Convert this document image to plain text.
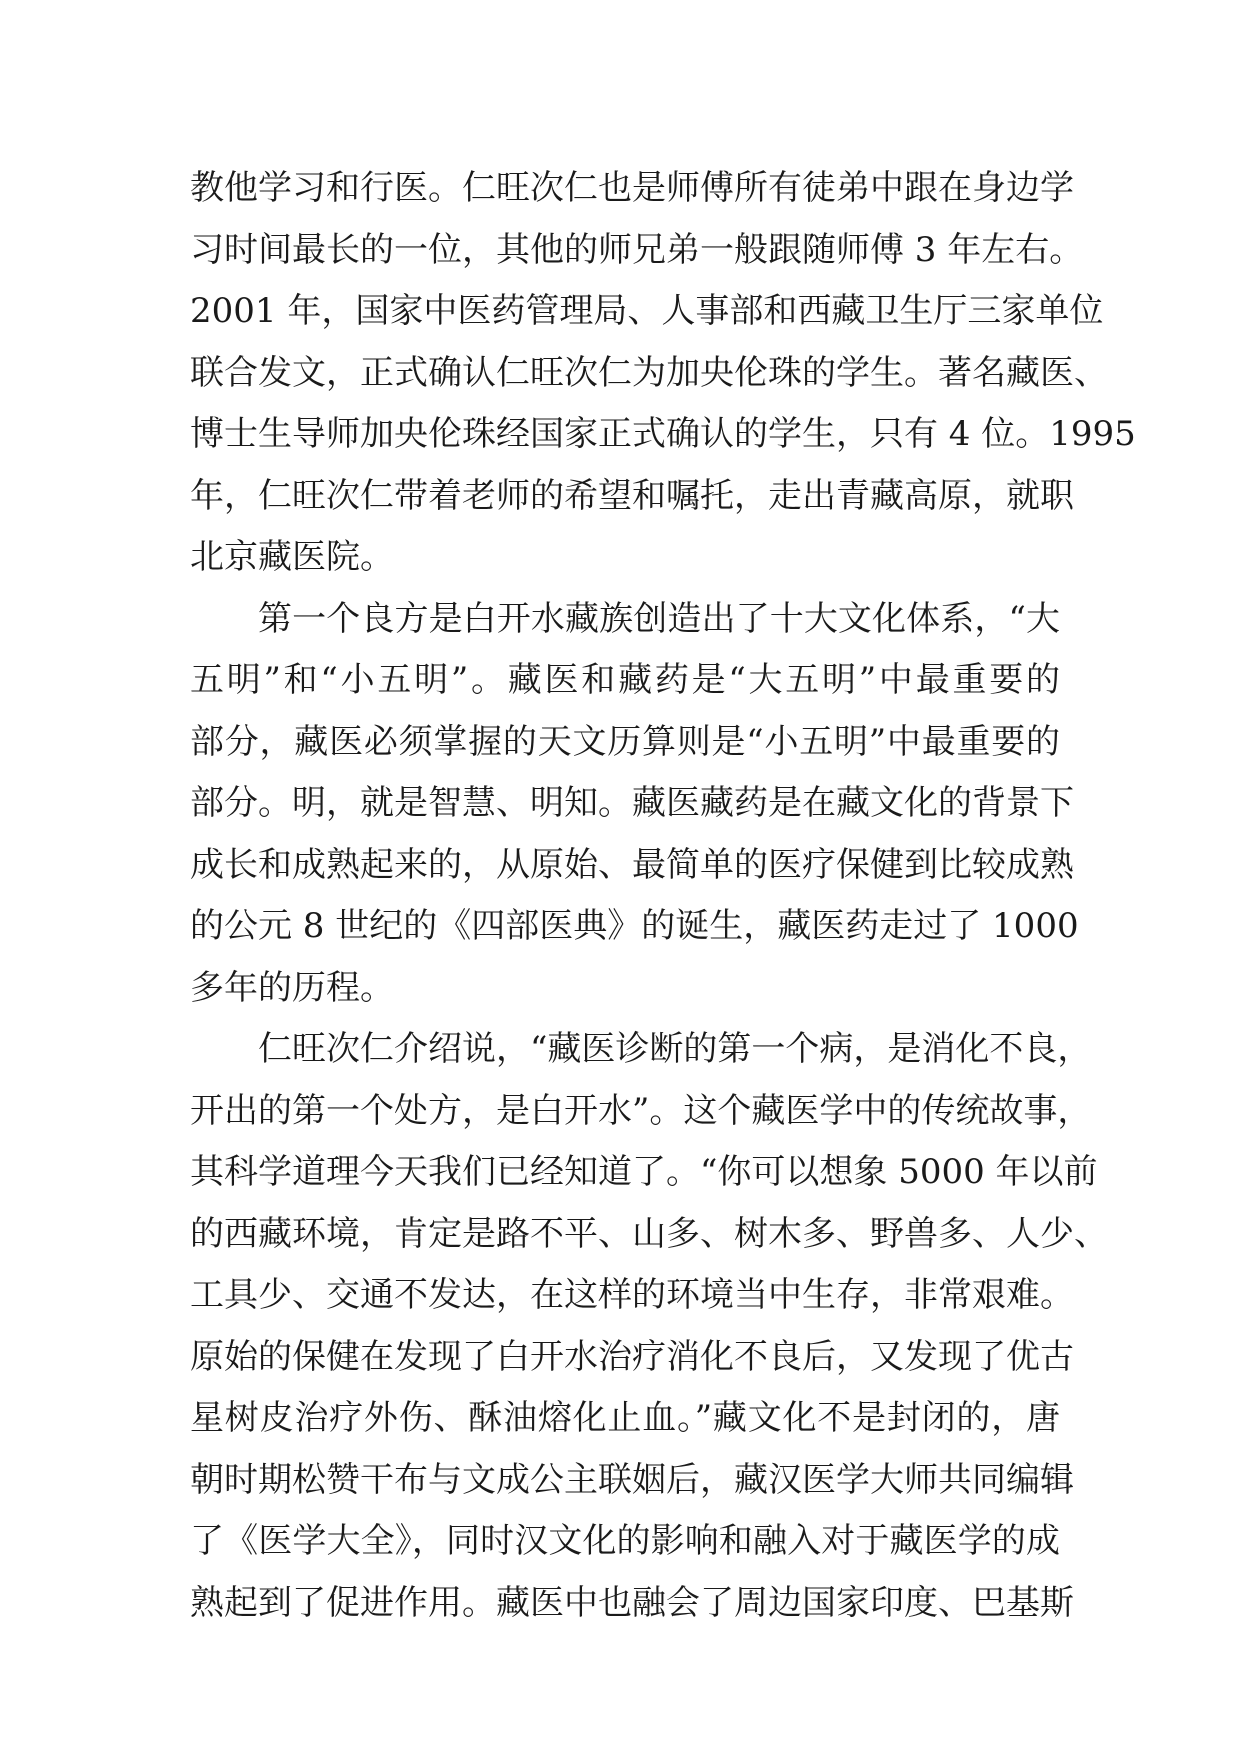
教他学习和行医。仁旺次仁也是师傅所有徒弟中跟在身边学
习时间最长的一位，其他的师兄弟一般跟随师傅 3 年左右。
2001 年，国家中医药管理局、人事部和西藏卫生厅三家单位
联合发文，正式确认仁旺次仁为加央伦珠的学生。著名藏医、
博士生导师加央伦珠经国家正式确认的学生，只有 4 位。1995
年，仁旺次仁带着老师的希望和嘱托，走出青藏高原，就职
北京藏医院。
第一个良方是白开水藏族创造出了十大文化体系，“大
五明”和“小五明”。藏医和藏药是“大五明”中最重要的
部分，藏医必须掌握的天文历算则是“小五明”中最重要的
部分。明，就是智慧、明知。藏医藏药是在藏文化的背景下
成长和成熟起来的，从原始、最简单的医疗保健到比较成熟
的公元 8 世纪的《四部医典》的诞生，藏医药走过了 1000
多年的历程。
仁旺次仁介绍说，“藏医诊断的第一个病，是消化不良，
开出的第一个处方，是白开水”。这个藏医学中的传统故事，
其科学道理今天我们已经知道了。“你可以想象 5000 年以前
的西藏环境，肯定是路不平、山多、树木多、野兽多、人少、
工具少、交通不发达，在这样的环境当中生存，非常艰难。
原始的保健在发现了白开水治疗消化不良后，又发现了优古
星树皮治疗外伤、酥油熔化止血。”藏文化不是封闭的，唐
朝时期松赞干布与文成公主联姻后，藏汉医学大师共同编辑
了《医学大全》，同时汉文化的影响和融入对于藏医学的成
熟起到了促进作用。藏医中也融会了周边国家印度、巴基斯
